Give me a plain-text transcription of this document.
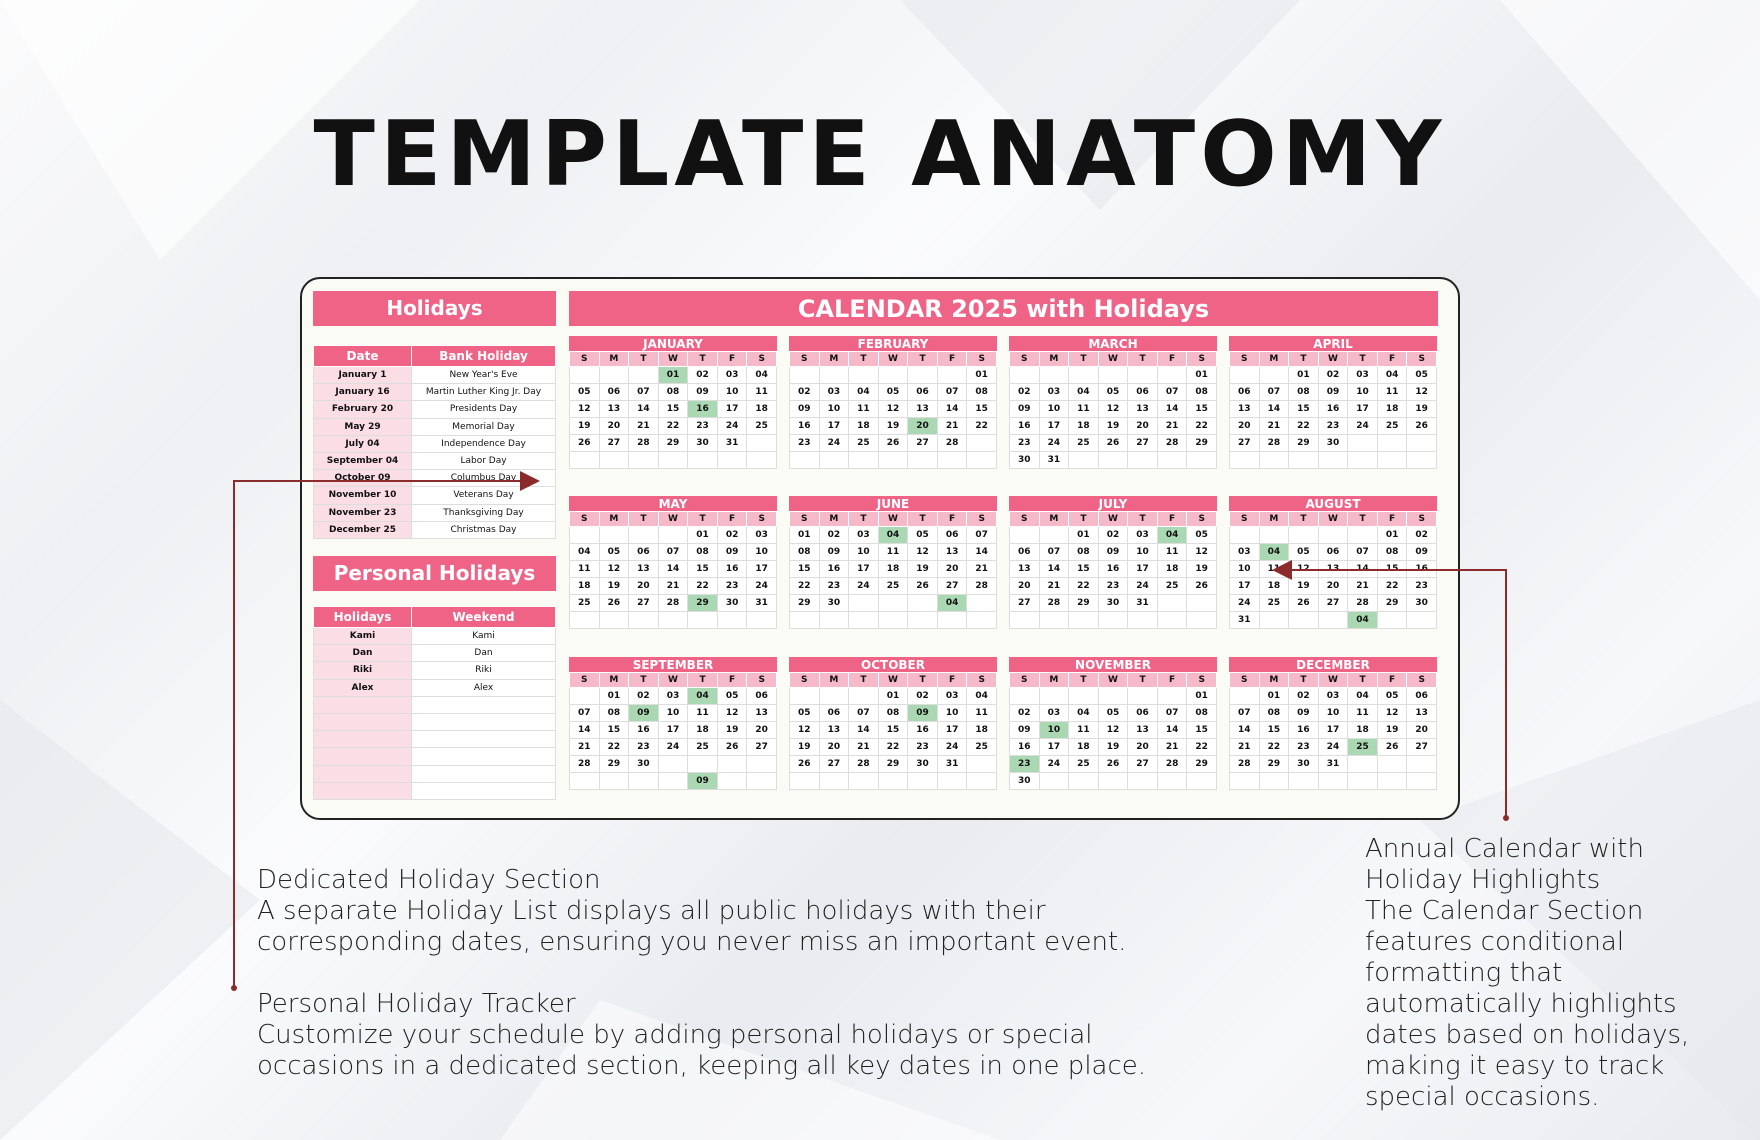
TEMPLATE ANATOMY
Holidays
Date	Bank Holiday
January 1	New Year's Eve
January 16	Martin Luther King Jr. Day
February 20	Presidents Day
May 29	Memorial Day
July 04	Independence Day
September 04	Labor Day
October 09	Columbus Day
November 10	Veterans Day
November 23	Thanksgiving Day
December 25	Christmas Day
Personal Holidays
Holidays	Weekend
Kami	Kami
Dan	Dan
Riki	Riki
Alex	Alex

CALENDAR 2025 with Holidays
JANUARY
S	M	T	W	T	F	S
			01	02	03	04
05	06	07	08	09	10	11
12	13	14	15	16	17	18
19	20	21	22	23	24	25
26	27	28	29	30	31	

FEBRUARY
S	M	T	W	T	F	S
						01
02	03	04	05	06	07	08
09	10	11	12	13	14	15
16	17	18	19	20	21	22
23	24	25	26	27	28	

MARCH
S	M	T	W	T	F	S
						01
02	03	04	05	06	07	08
09	10	11	12	13	14	15
16	17	18	19	20	21	22
23	24	25	26	27	28	29
30	31					
APRIL
S	M	T	W	T	F	S
		01	02	03	04	05
06	07	08	09	10	11	12
13	14	15	16	17	18	19
20	21	22	23	24	25	26
27	28	29	30			

MAY
S	M	T	W	T	F	S
				01	02	03
04	05	06	07	08	09	10
11	12	13	14	15	16	17
18	19	20	21	22	23	24
25	26	27	28	29	30	31

JUNE
S	M	T	W	T	F	S
01	02	03	04	05	06	07
08	09	10	11	12	13	14
15	16	17	18	19	20	21
22	23	24	25	26	27	28
29	30				04	

JULY
S	M	T	W	T	F	S
		01	02	03	04	05
06	07	08	09	10	11	12
13	14	15	16	17	18	19
20	21	22	23	24	25	26
27	28	29	30	31		

AUGUST
S	M	T	W	T	F	S
					01	02
03	04	05	06	07	08	09
10	11	12	13	14	15	16
17	18	19	20	21	22	23
24	25	26	27	28	29	30
31				04		
SEPTEMBER
S	M	T	W	T	F	S
	01	02	03	04	05	06
07	08	09	10	11	12	13
14	15	16	17	18	19	20
21	22	23	24	25	26	27
28	29	30				
				09		
OCTOBER
S	M	T	W	T	F	S
			01	02	03	04
05	06	07	08	09	10	11
12	13	14	15	16	17	18
19	20	21	22	23	24	25
26	27	28	29	30	31	

NOVEMBER
S	M	T	W	T	F	S
						01
02	03	04	05	06	07	08
09	10	11	12	13	14	15
16	17	18	19	20	21	22
23	24	25	26	27	28	29
30						
DECEMBER
S	M	T	W	T	F	S
	01	02	03	04	05	06
07	08	09	10	11	12	13
14	15	16	17	18	19	20
21	22	23	24	25	26	27
28	29	30	31			

Dedicated Holiday Section

A separate Holiday List displays all public holidays with their corresponding dates, ensuring you never miss an important event.

Personal Holiday Tracker

Customize your schedule by adding personal holidays or special occasions in a dedicated section, keeping all key dates in one place.

Annual Calendar with Holiday Highlights

The Calendar Section features conditional formatting that automatically highlights dates based on holidays, making it easy to track special occasions.
